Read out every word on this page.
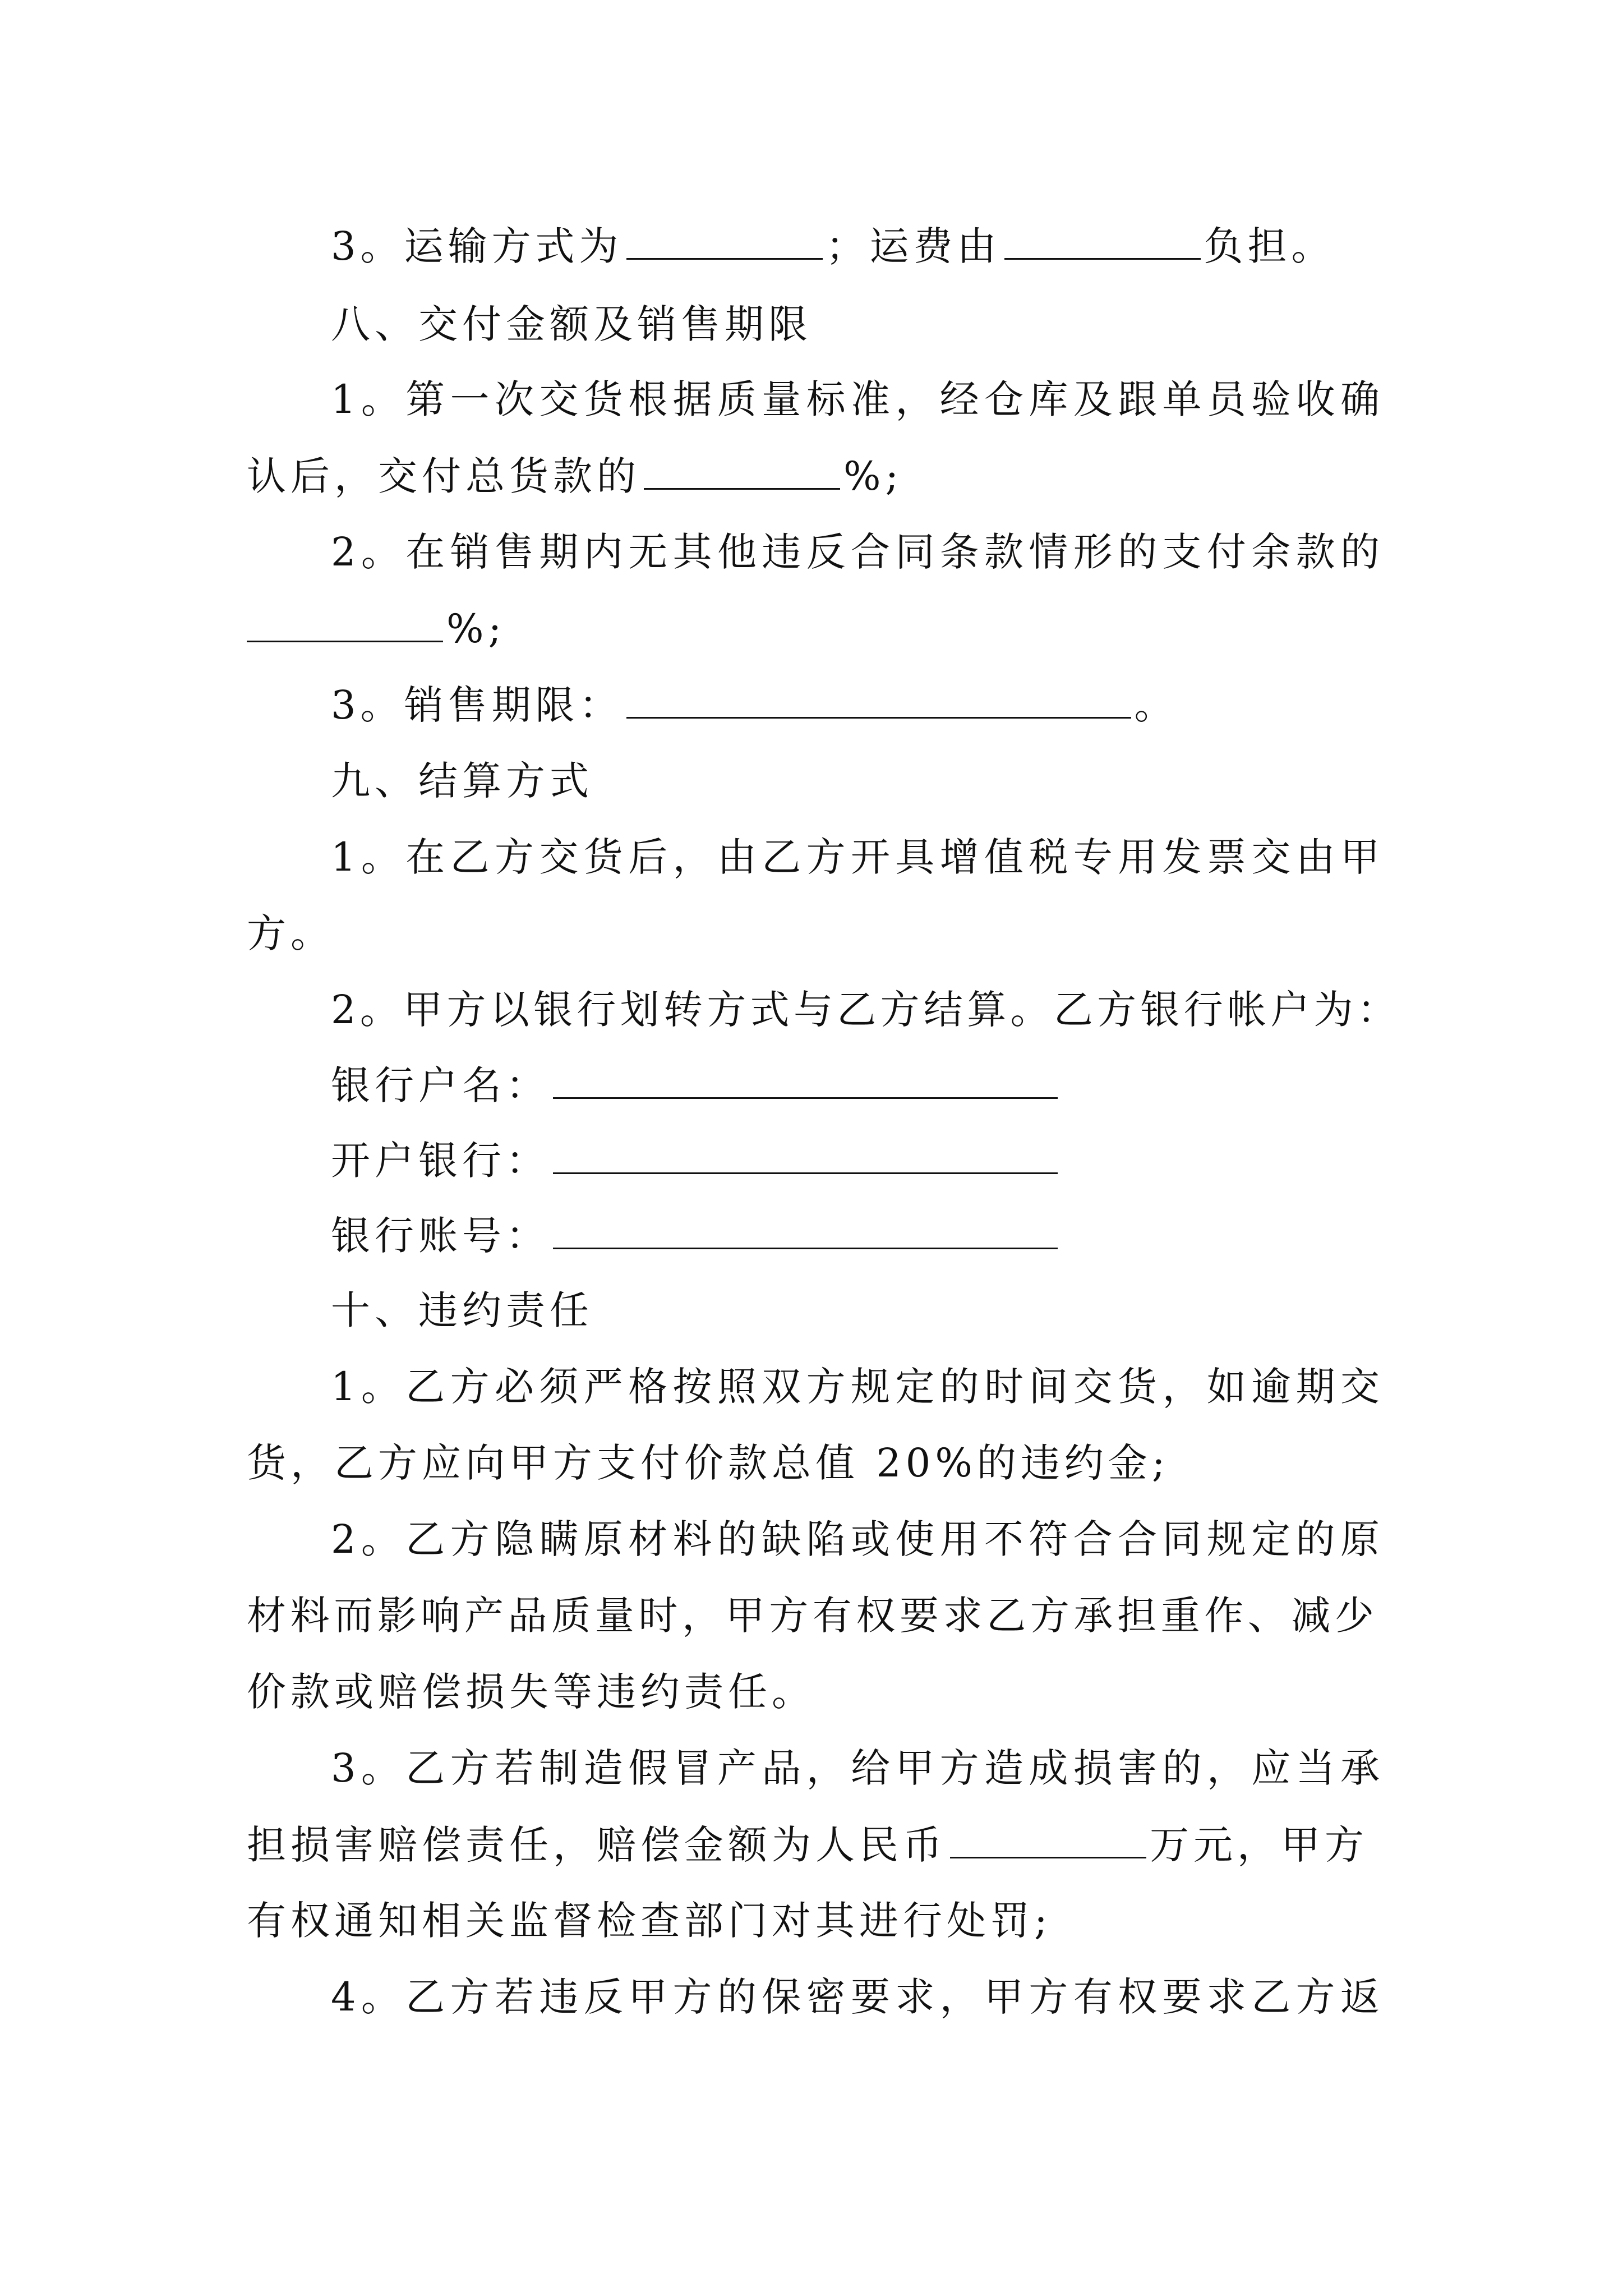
3。运输方式为	；运费由	负担。
八、交付金额及销售期限
1。第一次交货根据质量标准，经仓库及跟单员验收确
认后，交付总货款的	%;
2。在销售期内无其他违反合同条款情形的支付余款的
%;
3。销售期限：	。
九、结算方式
1。在乙方交货后，由乙方开具增值税专用发票交由甲
方。
2。甲方以银行划转方式与乙方结算。乙方银行帐户为：
银行户名：
开户银行：
银行账号：
十、违约责任
1。乙方必须严格按照双方规定的时间交货，如逾期交
货，乙方应向甲方支付价款总值 20%的违约金;
2。乙方隐瞒原材料的缺陷或使用不符合合同规定的原
材料而影响产品质量时，甲方有权要求乙方承担重作、减少
价款或赔偿损失等违约责任。
3。乙方若制造假冒产品，给甲方造成损害的，应当承
担损害赔偿责任，赔偿金额为人民币	万元，甲方
有权通知相关监督检查部门对其进行处罚;
4。乙方若违反甲方的保密要求，甲方有权要求乙方返
